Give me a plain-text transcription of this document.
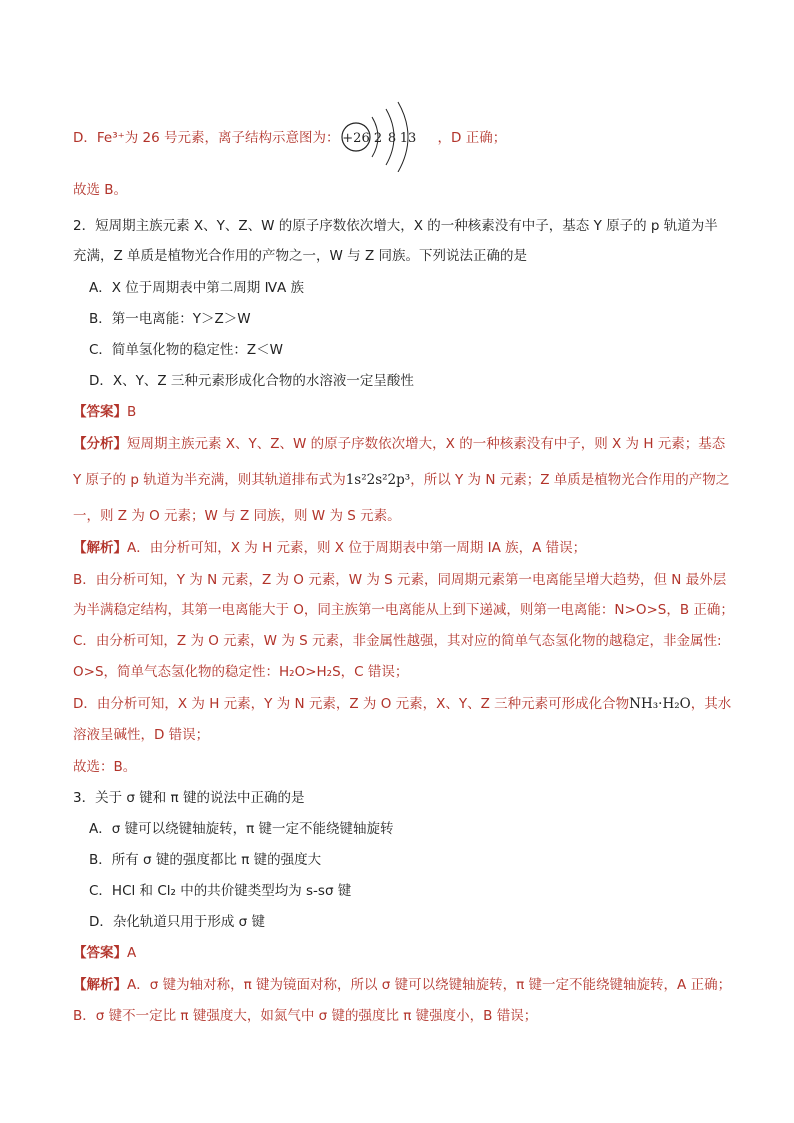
D．Fe³⁺为 26 号元素，离子结构示意图为：	，D 正确；
+26 2 8 13
故选 B。
2．短周期主族元素 X、Y、Z、W 的原子序数依次增大，X 的一种核素没有中子，基态 Y 原子的 p 轨道为半
充满，Z 单质是植物光合作用的产物之一，W 与 Z 同族。下列说法正确的是
A．X 位于周期表中第二周期 ⅣA 族
B．第一电离能：Y＞Z＞W
C．简单氢化物的稳定性：Z＜W
D．X、Y、Z 三种元素形成化合物的水溶液一定呈酸性
【答案】B
【分析】短周期主族元素 X、Y、Z、W 的原子序数依次增大，X 的一种核素没有中子，则 X 为 H 元素；基态
Y 原子的 p 轨道为半充满，则其轨道排布式为1s²2s²2p³，所以 Y 为 N 元素；Z 单质是植物光合作用的产物之
一，则 Z 为 O 元素；W 与 Z 同族，则 W 为 S 元素。
【解析】A．由分析可知，X 为 H 元素，则 X 位于周期表中第一周期 ⅠA 族，A 错误；
B．由分析可知，Y 为 N 元素，Z 为 O 元素，W 为 S 元素，同周期元素第一电离能呈增大趋势，但 N 最外层
为半满稳定结构，其第一电离能大于 O，同主族第一电离能从上到下递减，则第一电离能：N>O>S，B 正确；
C．由分析可知，Z 为 O 元素，W 为 S 元素，非金属性越强，其对应的简单气态氢化物的越稳定，非金属性:
O>S，简单气态氢化物的稳定性：H₂O>H₂S，C 错误；
D．由分析可知，X 为 H 元素，Y 为 N 元素，Z 为 O 元素，X、Y、Z 三种元素可形成化合物NH₃·H₂O，其水
溶液呈碱性，D 错误；
故选：B。
3．关于 σ 键和 π 键的说法中正确的是
A．σ 键可以绕键轴旋转，π 键一定不能绕键轴旋转
B．所有 σ 键的强度都比 π 键的强度大
C．HCl 和 Cl₂ 中的共价键类型均为 s-sσ 键
D．杂化轨道只用于形成 σ 键
【答案】A
【解析】A．σ 键为轴对称，π 键为镜面对称，所以 σ 键可以绕键轴旋转，π 键一定不能绕键轴旋转，A 正确；
B．σ 键不一定比 π 键强度大，如氮气中 σ 键的强度比 π 键强度小，B 错误；
